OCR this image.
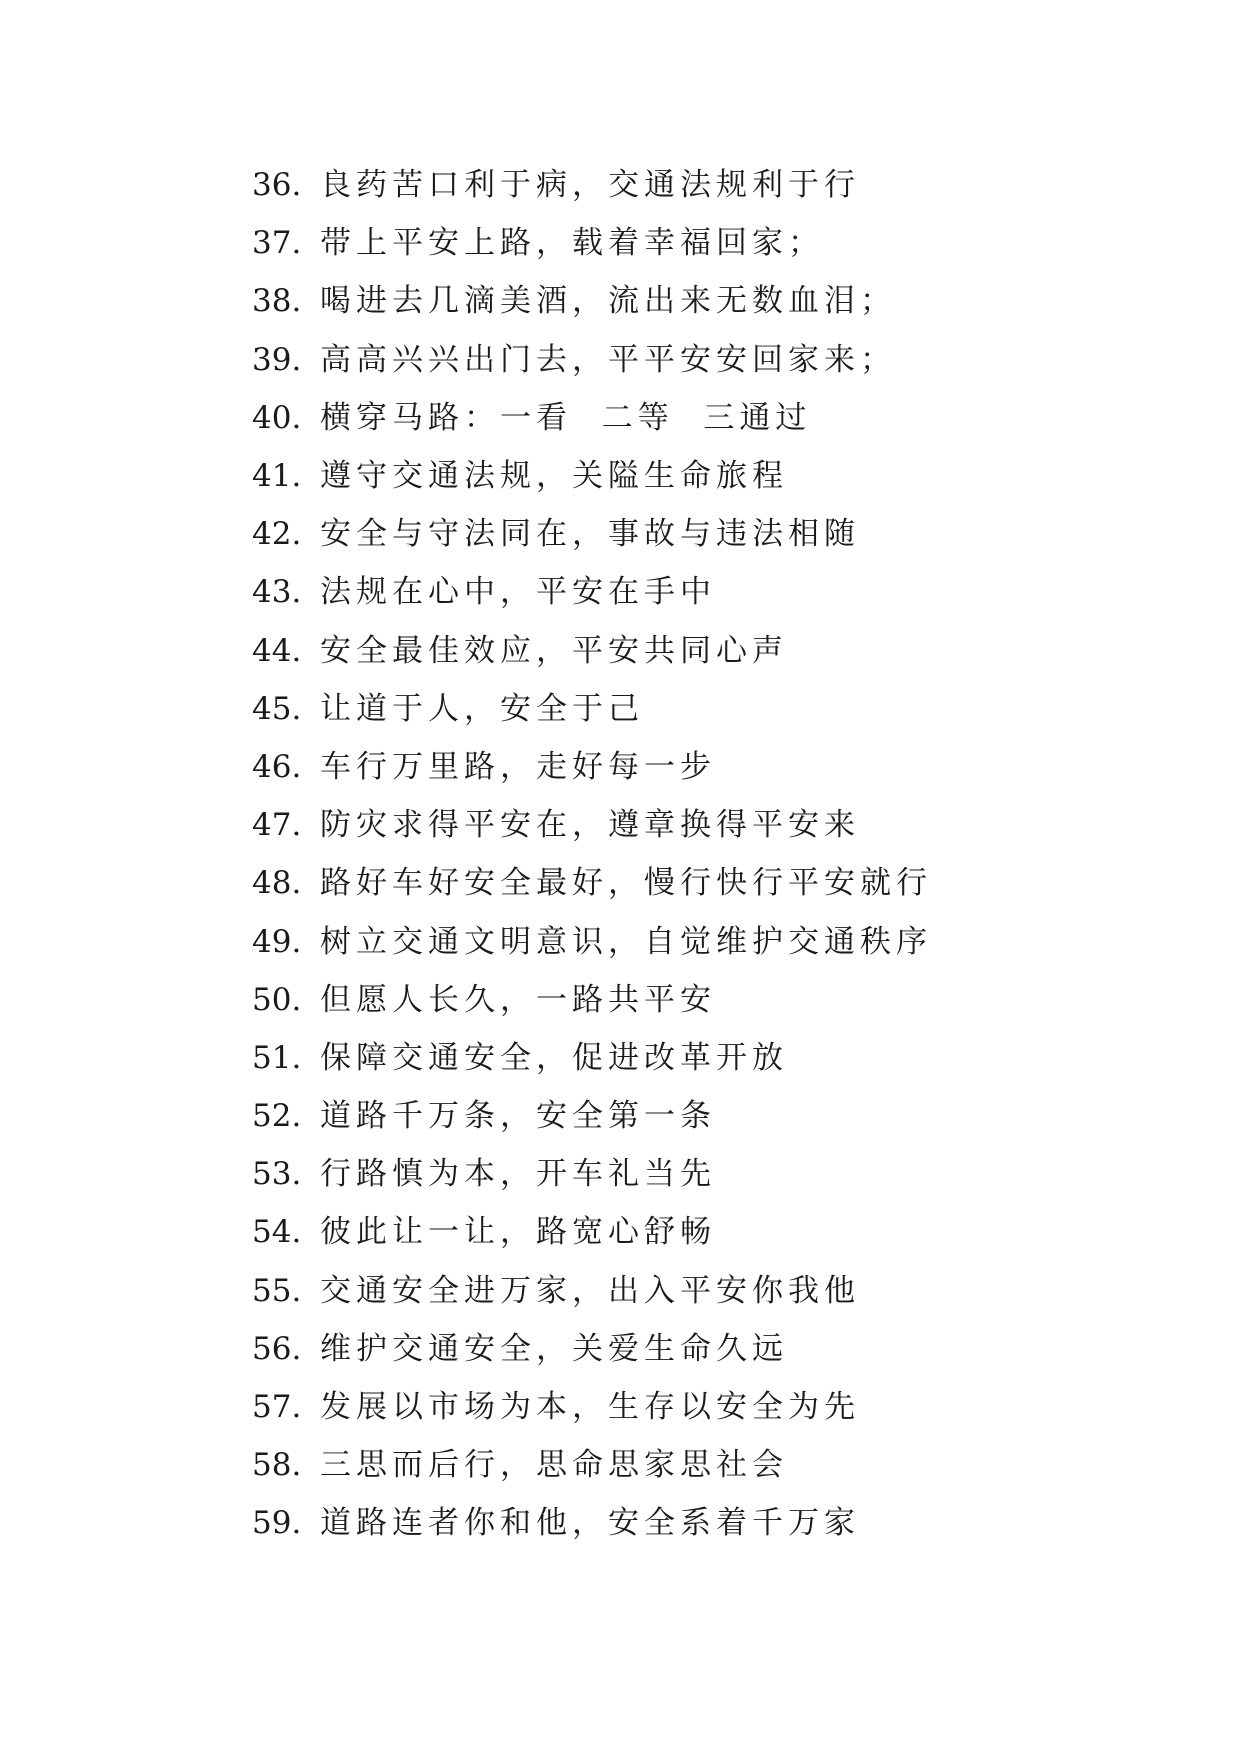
36. 良药苦口利于病，交通法规利于行
37. 带上平安上路，载着幸福回家；
38. 喝进去几滴美酒，流出来无数血泪；
39. 高高兴兴出门去，平平安安回家来；
40. 横穿马路：一看  二等  三通过
41. 遵守交通法规，关隘生命旅程
42. 安全与守法同在，事故与违法相随
43. 法规在心中，平安在手中
44. 安全最佳效应，平安共同心声
45. 让道于人，安全于己
46. 车行万里路，走好每一步
47. 防灾求得平安在，遵章换得平安来
48. 路好车好安全最好，慢行快行平安就行
49. 树立交通文明意识，自觉维护交通秩序
50. 但愿人长久，一路共平安
51. 保障交通安全，促进改革开放
52. 道路千万条，安全第一条
53. 行路慎为本，开车礼当先
54. 彼此让一让，路宽心舒畅
55. 交通安全进万家，出入平安你我他
56. 维护交通安全，关爱生命久远
57. 发展以市场为本，生存以安全为先
58. 三思而后行，思命思家思社会
59. 道路连者你和他，安全系着千万家
